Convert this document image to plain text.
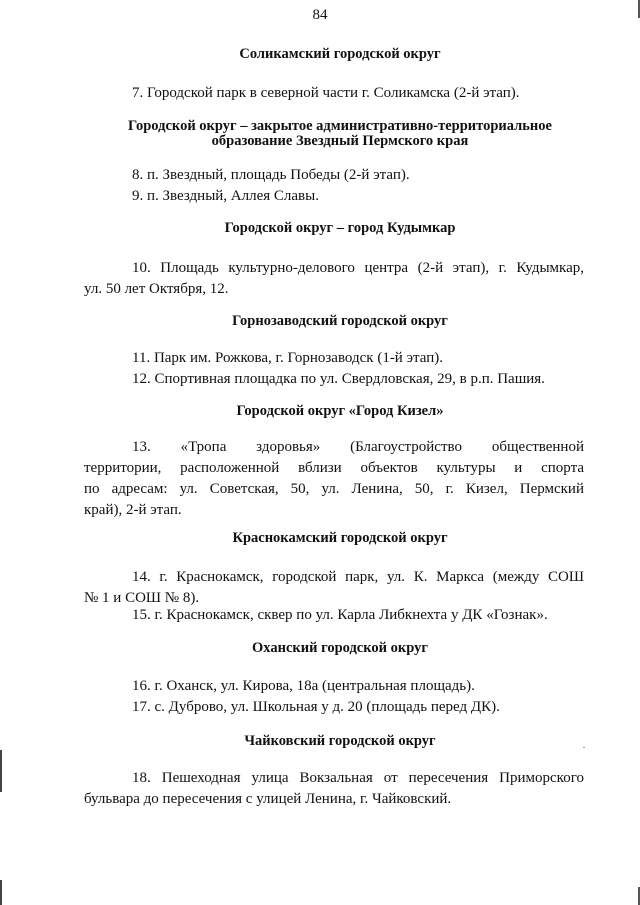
84
Соликамский городской округ

7. Городской парк в северной части г. Соликамска (2-й этап).

Городской округ – закрытое административно-территориальное
образование Звездный Пермского края

8. п. Звездный, площадь Победы (2-й этап).

9. п. Звездный, Аллея Славы.

Городской округ – город Кудымкар
10. Площадь культурно-делового центра (2-й этап), г. Кудымкар,
ул. 50 лет Октября, 12.
Горнозаводский городской округ

11. Парк им. Рожкова, г. Горнозаводск (1-й этап).

12. Спортивная площадка по ул. Свердловская, 29, в р.п. Пашия.

Городской округ «Город Кизел»
13. «Тропа здоровья» (Благоустройство общественной
территории, расположенной вблизи объектов культуры и спорта
по адресам: ул. Советская, 50, ул. Ленина, 50, г. Кизел, Пермский
край), 2-й этап.
Краснокамский городской округ
14. г. Краснокамск, городской парк, ул. К. Маркса (между СОШ
№ 1 и СОШ № 8).

15. г. Краснокамск, сквер по ул. Карла Либкнехта у ДК «Гознак».

Оханский городской округ

16. г. Оханск, ул. Кирова, 18а (центральная площадь).

17. с. Дуброво, ул. Школьная у д. 20 (площадь перед ДК).

Чайковский городской округ
18. Пешеходная улица Вокзальная от пересечения Приморского
бульвара до пересечения с улицей Ленина, г. Чайковский.
